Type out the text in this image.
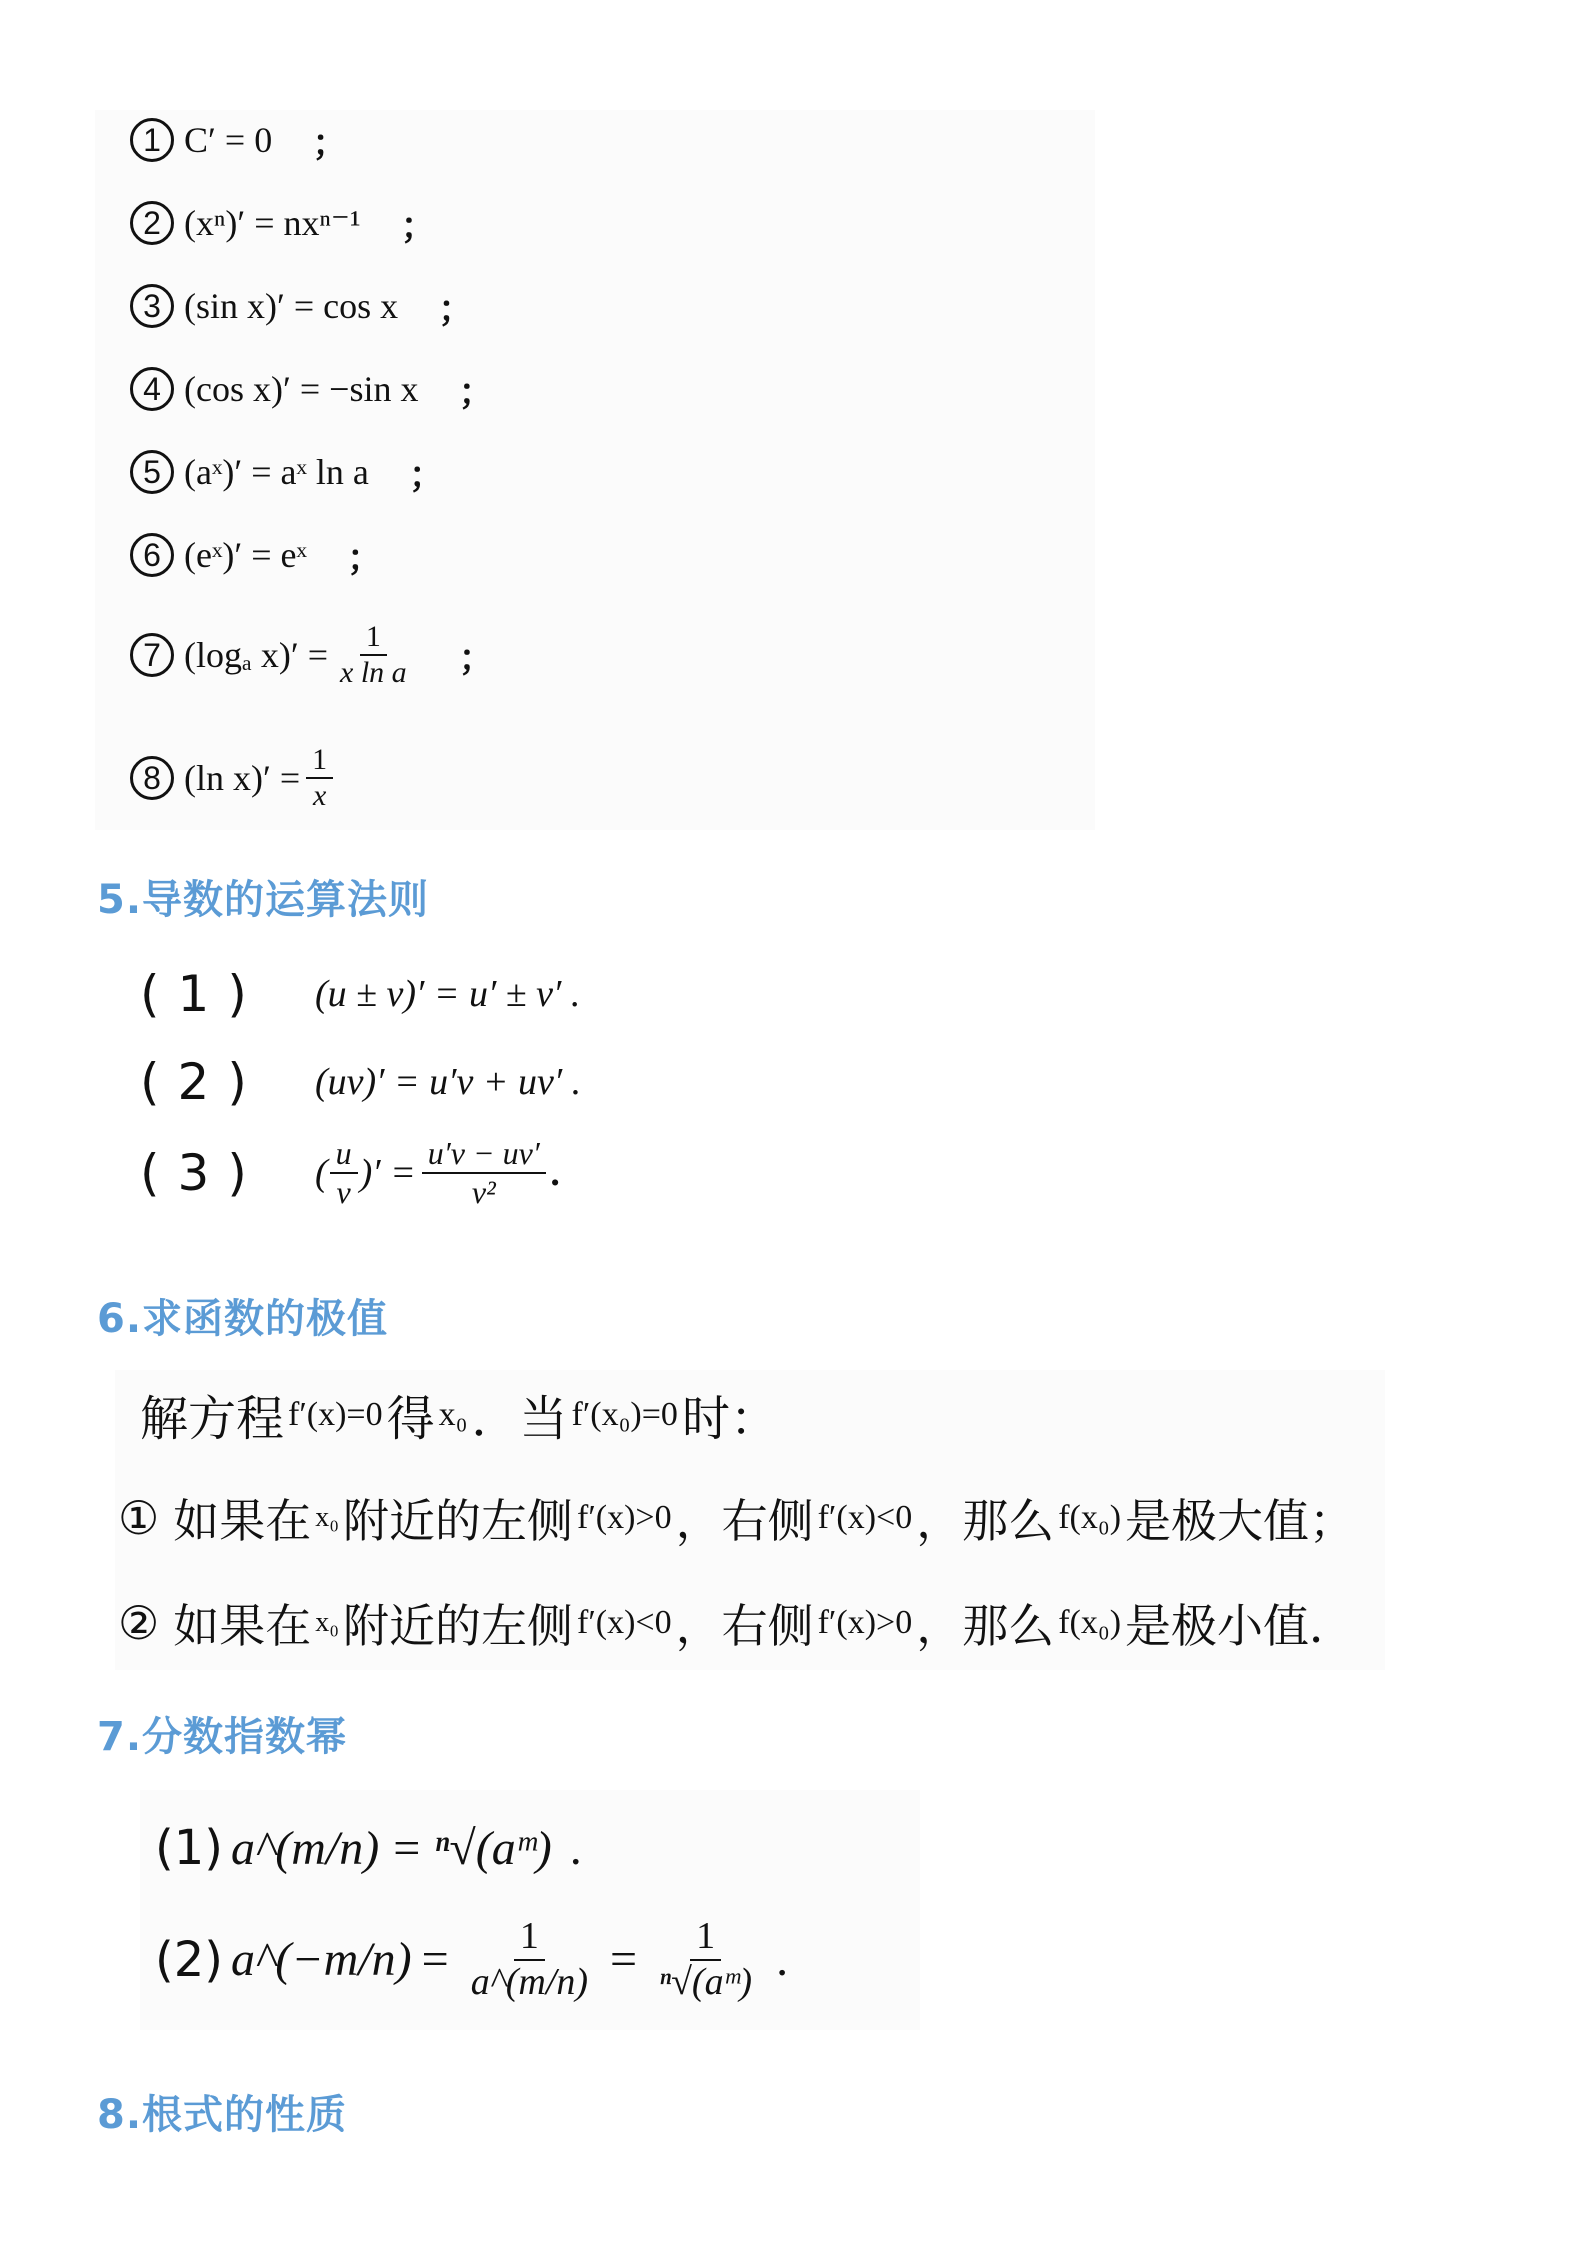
1 C′ = 0 ；
2 (xⁿ)′ = nxⁿ⁻¹ ；
3 (sin x)′ = cos x ；
4 (cos x)′ = −sin x ；
5 (aˣ)′ = aˣ ln a ；
6 (eˣ)′ = eˣ ；
7 (logₐ $x)' = \frac{1}{\text{x ln a}}$ ；
8 (ln $x)' = \frac{1}{x}$
5.导数的运算法则
(1)	(u ± v)′ = u′ ± v′ .
(2)	(uv)′ = u′v + uv′ .
(3)	( $\frac{u}{v}$ )′ = $\frac{u'v - uv'}{\text{v²}}$ .
6.求函数的极值
解方程 f′(x)=0 得 x₀ ．当 f′(x₀)=0 时：
① 如果在 x₀ 附近的左侧 f′(x)>0 ，右侧 f′(x)<0 ，那么 f(x₀) 是极大值；
② 如果在 x₀ 附近的左侧 f′(x)<0 ，右侧 f′(x)>0 ，那么 f(x₀) 是极小值．
7.分数指数幂
(1) a^(m/n) = ⁿ√(aᵐ) .
(2) a^(−m/n) = $\frac{1}{a\^{}(m/n)} = \frac{1}{\text{ⁿ√(aᵐ)}}$ .
8.根式的性质
